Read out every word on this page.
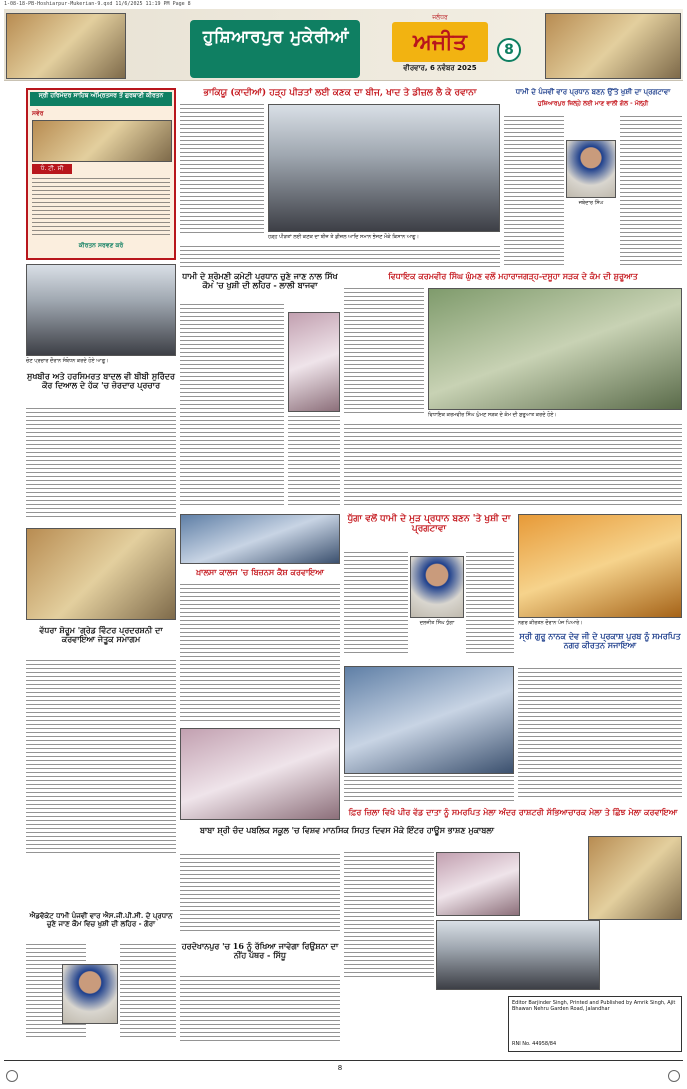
1-08-18-PB-Hoshiarpur-Mukerian-9.qxd 11/6/2025 11:19 PM Page 8
ਹੁਸ਼ਿਆਰਪੁਰ ਮੁਕੇਰੀਆਂ	ਅਜੀਤ
ਜਲੰਧਰ
ਵੀਰਵਾਰ, 6 ਨਵੰਬਰ 2025
8
ਸ੍ਰੀ ਹਰਿਮੰਦਰ ਸਾਹਿਬ ਅੰਮ੍ਰਿਤਸਰ ਤੋਂ ਗੁਰਬਾਣੀ ਕੀਰਤਨ
ਸਵੇਰ
ਧੰ. ਟੀ. ਸੀ
ਕੀਰਤਨ ਸਰਵਣ ਕਰੋ
ਭਾਕਿਯੂ (ਕਾਦੀਆਂ) ਹੜ੍ਹ ਪੀੜਤਾਂ ਲਈ ਕਣਕ ਦਾ ਬੀਜ, ਖਾਦ ਤੇ ਡੀਜ਼ਲ ਲੈ ਕੇ ਰਵਾਨਾ
ਹੜ੍ਹ ਪੀੜਤਾਂ ਲਈ ਕਣਕ ਦਾ ਬੀਜ ਤੇ ਡੀਜ਼ਲ ਆਦਿ ਸਮਾਨ ਭੇਜਣ ਮੌਕੇ ਕਿਸਾਨ ਆਗੂ।
ਧਾਮੀ ਦੇ ਪੰਜਵੀਂ ਵਾਰ ਪ੍ਰਧਾਨ ਬਣਨ ਉੱਤੇ ਖੁਸ਼ੀ ਦਾ ਪ੍ਰਗਟਾਵਾ
ਹੁਸ਼ਿਆਰਪੁਰ ਜ਼ਿਲ੍ਹੇ ਲਈ ਮਾਣ ਵਾਲੀ ਗੱਲ - ਮੱਲ੍ਹੀ
ਜਥੇਦਾਰ ਸਿੰਘ
ਚੋਣ ਪ੍ਰਚਾਰ ਦੌਰਾਨ ਸੰਬੋਧਨ ਕਰਦੇ ਹੋਏ ਆਗੂ।
ਸੁਖਬੀਰ ਅਤੇ ਹਰਸਿਮਰਤ ਬਾਦਲ ਵੀ ਬੀਬੀ ਸੁਰਿੰਦਰ ਕੌਰ ਦਿਆਲ ਦੇ ਹੱਕ 'ਚ ਜ਼ੋਰਦਾਰ ਪ੍ਰਚਾਰ
ਧਾਮੀ ਦੇ ਸ਼੍ਰੋਮਣੀ ਕਮੇਟੀ ਪ੍ਰਧਾਨ ਚੁਣੇ ਜਾਣ ਨਾਲ ਸਿੱਖ ਕੌਮ 'ਚ ਖੁਸ਼ੀ ਦੀ ਲਹਿਰ - ਲਾਲੀ ਬਾਜਵਾ
ਵਿਧਾਇਕ ਕਰਮਵੀਰ ਸਿੰਘ ਘੁੰਮਣ ਵਲੋਂ ਮਹਾਰਾਜਗੜ੍ਹ-ਦਸੂਹਾ ਸੜਕ ਦੇ ਕੰਮ ਦੀ ਸ਼ੁਰੂਆਤ
ਵਿਧਾਇਕ ਕਰਮਵੀਰ ਸਿੰਘ ਘੁੰਮਣ ਸੜਕ ਦੇ ਕੰਮ ਦੀ ਸ਼ੁਰੂਆਤ ਕਰਦੇ ਹੋਏ।
ਖ਼ਾਲਸਾ ਕਾਲਜ 'ਚ ਬਿਜ਼ਨਸ ਕੈਸ਼ ਕਰਵਾਇਆ
ਧੁੱਗਾ ਵਲੋਂ ਧਾਮੀ ਦੇ ਮੁੜ ਪ੍ਰਧਾਨ ਬਣਨ 'ਤੇ ਖੁਸ਼ੀ ਦਾ ਪ੍ਰਗਟਾਵਾ
ਦਲਜੀਤ ਸਿੰਘ ਧੁੱਗਾ	ਨਗਰ ਕੀਰਤਨ ਦੌਰਾਨ ਪੰਜ ਪਿਆਰੇ।
ਸ੍ਰੀ ਗੁਰੂ ਨਾਨਕ ਦੇਵ ਜੀ ਦੇ ਪ੍ਰਕਾਸ਼ ਪੁਰਬ ਨੂੰ ਸਮਰਪਿਤ ਨਗਰ ਕੀਰਤਨ ਸਜਾਇਆ
ਵੱਧਰਾ ਸ਼ੋਰੂਮ 'ਗ੍ਰੇਡ ਵਿੰਟਰ ਪ੍ਰਦਰਸ਼ਨੀ ਦਾ ਕਰਵਾਇਆ ਜੇਤੂਕ ਸਮਾਗਮ
ਬਾਬਾ ਸ਼੍ਰੀ ਚੰਦ ਪਬਲਿਕ ਸਕੂਲ 'ਚ ਵਿਸ਼ਵ ਮਾਨਸਿਕ ਸਿਹਤ ਦਿਵਸ ਮੌਕੇ ਇੰਟਰ ਹਾਊਸ ਭਾਸ਼ਣ ਮੁਕਾਬਲਾ
ਫ਼ਿਰ ਜ਼ਿਲਾ ਵਿਖੇ ਪੀਰ ਵੱਡ ਦਾਤਾ ਨੂੰ ਸਮਰਪਿਤ ਮੇਲਾ ਅੰਦਰ ਰਾਸ਼ਟਰੀ ਸੱਭਿਆਚਾਰਕ ਮੇਲਾ ਤੇ ਛਿੰਝ ਮੇਲਾ ਕਰਵਾਇਆ
ਐਡਵੋਕੇਟ ਧਾਮੀ ਪੰਜਵੀਂ ਵਾਰ ਐਸ.ਜੀ.ਪੀ.ਸੀ. ਦੇ ਪ੍ਰਧਾਨ ਚੁਣੇ ਜਾਣ ਕੌਮ ਵਿਚ ਖੁਸ਼ੀ ਦੀ ਲਹਿਰ - ਗੋਰਾ
ਹਰਦੋਖਾਨਪੁਰ 'ਚ 16 ਨੂੰ ਰੱਖਿਆ ਜਾਵੇਗਾ ਰਿਉਸ਼ਨਾ ਦਾ ਨੀਂਹ ਪੱਥਰ - ਸਿੱਧੂ
Editor Barjinder Singh, Printed and Published by Amrik Singh, Ajit Bhawan Nehru Garden Road, Jalandhar
RNI No. 44958/84
8
